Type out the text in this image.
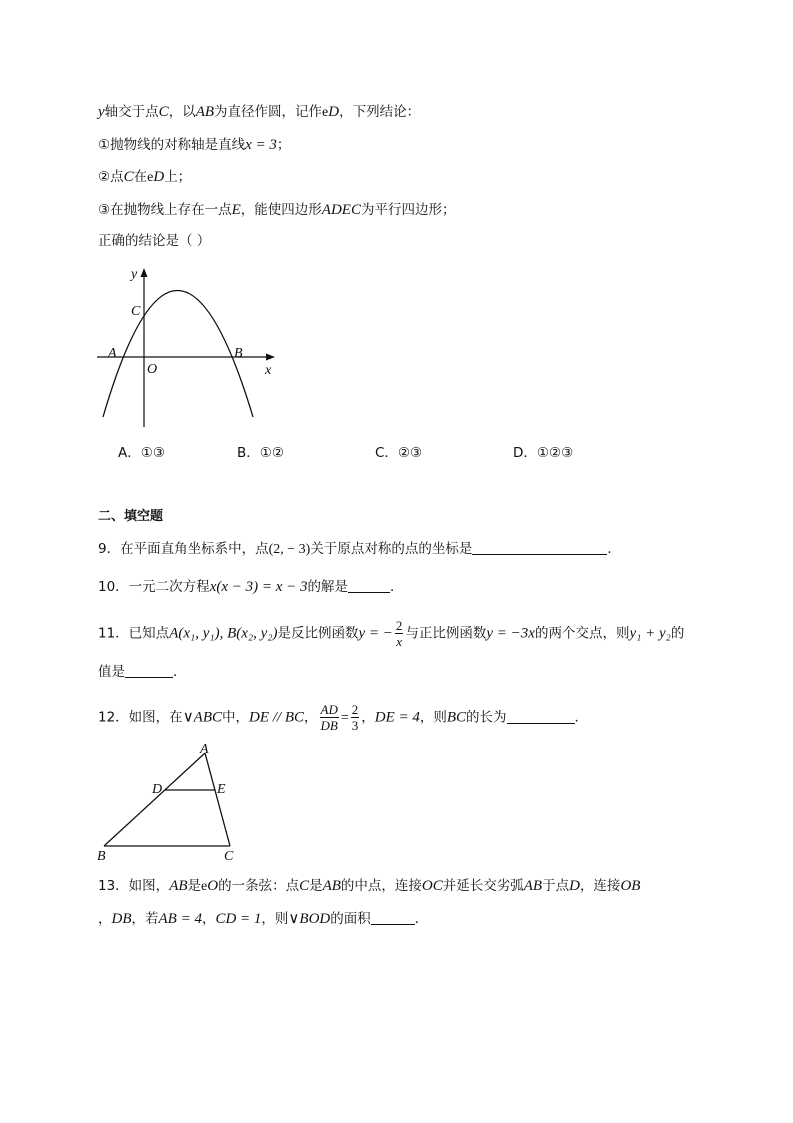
y轴交于点C，以AB为直径作圆，记作eD，下列结论：
①抛物线的对称轴是直线x = 3；
②点C在eD上；
③在抛物线上存在一点E，能使四边形ADEC为平行四边形；
正确的结论是（ ）
y
x
C
A
O
B
A．①③	B．①②	C．②③	D．①②③
二、填空题
9．在平面直角坐标系中，点(2, − 3)关于原点对称的点的坐标是	．
10．一元二次方程x(x − 3) = x − 3的解是	．
11．已知点A(x₁, y₁), B(x₂, y₂)是反比例函数y = − $\frac{2}{x}$ 与正比例函数y = −3x的两个交点，则y₁ + y₂的
值是	．
12．如图，在∨ABC中，DE // BC， $\frac{AD}{DB} = \frac{2}{3}$ ，DE = 4，则BC的长为	．
A
D	E
B	C
13．如图，AB是eO的一条弦：点C是AB的中点，连接OC并延长交劣弧AB于点D，连接OB
，DB，若AB = 4，CD = 1，则∨BOD的面积	．
